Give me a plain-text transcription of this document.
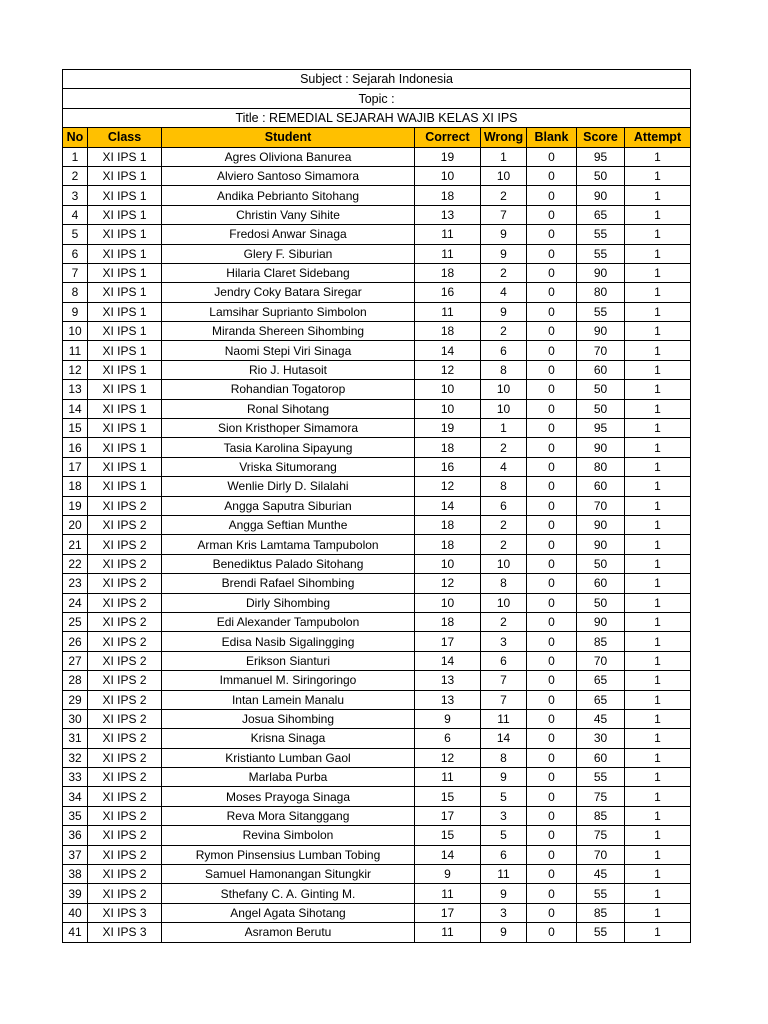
Subject : Sejarah Indonesia							
Topic :							
Title : REMEDIAL SEJARAH WAJIB KELAS XI IPS							
No	Class	Student	Correct	Wrong	Blank	Score	Attempt
1	XI IPS 1	Agres Oliviona Banurea	19	1	0	95	1
2	XI IPS 1	Alviero Santoso Simamora	10	10	0	50	1
3	XI IPS 1	Andika Pebrianto Sitohang	18	2	0	90	1
4	XI IPS 1	Christin Vany Sihite	13	7	0	65	1
5	XI IPS 1	Fredosi Anwar Sinaga	11	9	0	55	1
6	XI IPS 1	Glery F. Siburian	11	9	0	55	1
7	XI IPS 1	Hilaria Claret Sidebang	18	2	0	90	1
8	XI IPS 1	Jendry Coky Batara Siregar	16	4	0	80	1
9	XI IPS 1	Lamsihar Suprianto Simbolon	11	9	0	55	1
10	XI IPS 1	Miranda Shereen Sihombing	18	2	0	90	1
11	XI IPS 1	Naomi Stepi Viri Sinaga	14	6	0	70	1
12	XI IPS 1	Rio J. Hutasoit	12	8	0	60	1
13	XI IPS 1	Rohandian Togatorop	10	10	0	50	1
14	XI IPS 1	Ronal Sihotang	10	10	0	50	1
15	XI IPS 1	Sion Kristhoper Simamora	19	1	0	95	1
16	XI IPS 1	Tasia Karolina Sipayung	18	2	0	90	1
17	XI IPS 1	Vriska Situmorang	16	4	0	80	1
18	XI IPS 1	Wenlie Dirly D. Silalahi	12	8	0	60	1
19	XI IPS 2	Angga Saputra Siburian	14	6	0	70	1
20	XI IPS 2	Angga Seftian Munthe	18	2	0	90	1
21	XI IPS 2	Arman Kris Lamtama Tampubolon	18	2	0	90	1
22	XI IPS 2	Benediktus Palado Sitohang	10	10	0	50	1
23	XI IPS 2	Brendi Rafael Sihombing	12	8	0	60	1
24	XI IPS 2	Dirly Sihombing	10	10	0	50	1
25	XI IPS 2	Edi Alexander Tampubolon	18	2	0	90	1
26	XI IPS 2	Edisa Nasib Sigalingging	17	3	0	85	1
27	XI IPS 2	Erikson Sianturi	14	6	0	70	1
28	XI IPS 2	Immanuel M. Siringoringo	13	7	0	65	1
29	XI IPS 2	Intan Lamein Manalu	13	7	0	65	1
30	XI IPS 2	Josua Sihombing	9	11	0	45	1
31	XI IPS 2	Krisna Sinaga	6	14	0	30	1
32	XI IPS 2	Kristianto Lumban Gaol	12	8	0	60	1
33	XI IPS 2	Marlaba Purba	11	9	0	55	1
34	XI IPS 2	Moses Prayoga Sinaga	15	5	0	75	1
35	XI IPS 2	Reva Mora Sitanggang	17	3	0	85	1
36	XI IPS 2	Revina Simbolon	15	5	0	75	1
37	XI IPS 2	Rymon Pinsensius Lumban Tobing	14	6	0	70	1
38	XI IPS 2	Samuel Hamonangan Situngkir	9	11	0	45	1
39	XI IPS 2	Sthefany C. A. Ginting M.	11	9	0	55	1
40	XI IPS 3	Angel Agata Sihotang	17	3	0	85	1
41	XI IPS 3	Asramon Berutu	11	9	0	55	1
